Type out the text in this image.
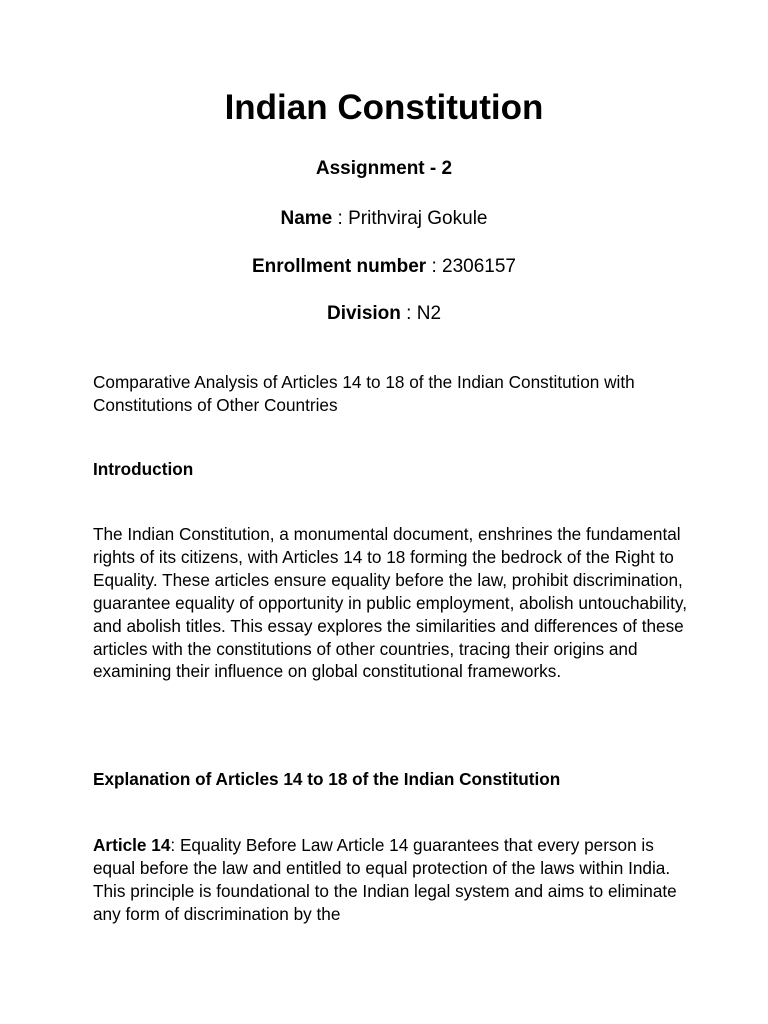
Indian Constitution
Assignment - 2
Name : Prithviraj Gokule
Enrollment number : 2306157
Division : N2
Comparative Analysis of Articles 14 to 18 of the Indian Constitution with Constitutions of Other Countries
Introduction
The Indian Constitution, a monumental document, enshrines the fundamental rights of its citizens, with Articles 14 to 18 forming the bedrock of the Right to Equality. These articles ensure equality before the law, prohibit discrimination, guarantee equality of opportunity in public employment, abolish untouchability, and abolish titles. This essay explores the similarities and differences of these articles with the constitutions of other countries, tracing their origins and examining their influence on global constitutional frameworks.
Explanation of Articles 14 to 18 of the Indian Constitution
Article 14: Equality Before Law Article 14 guarantees that every person is equal before the law and entitled to equal protection of the laws within India. This principle is foundational to the Indian legal system and aims to eliminate any form of discrimination by the
